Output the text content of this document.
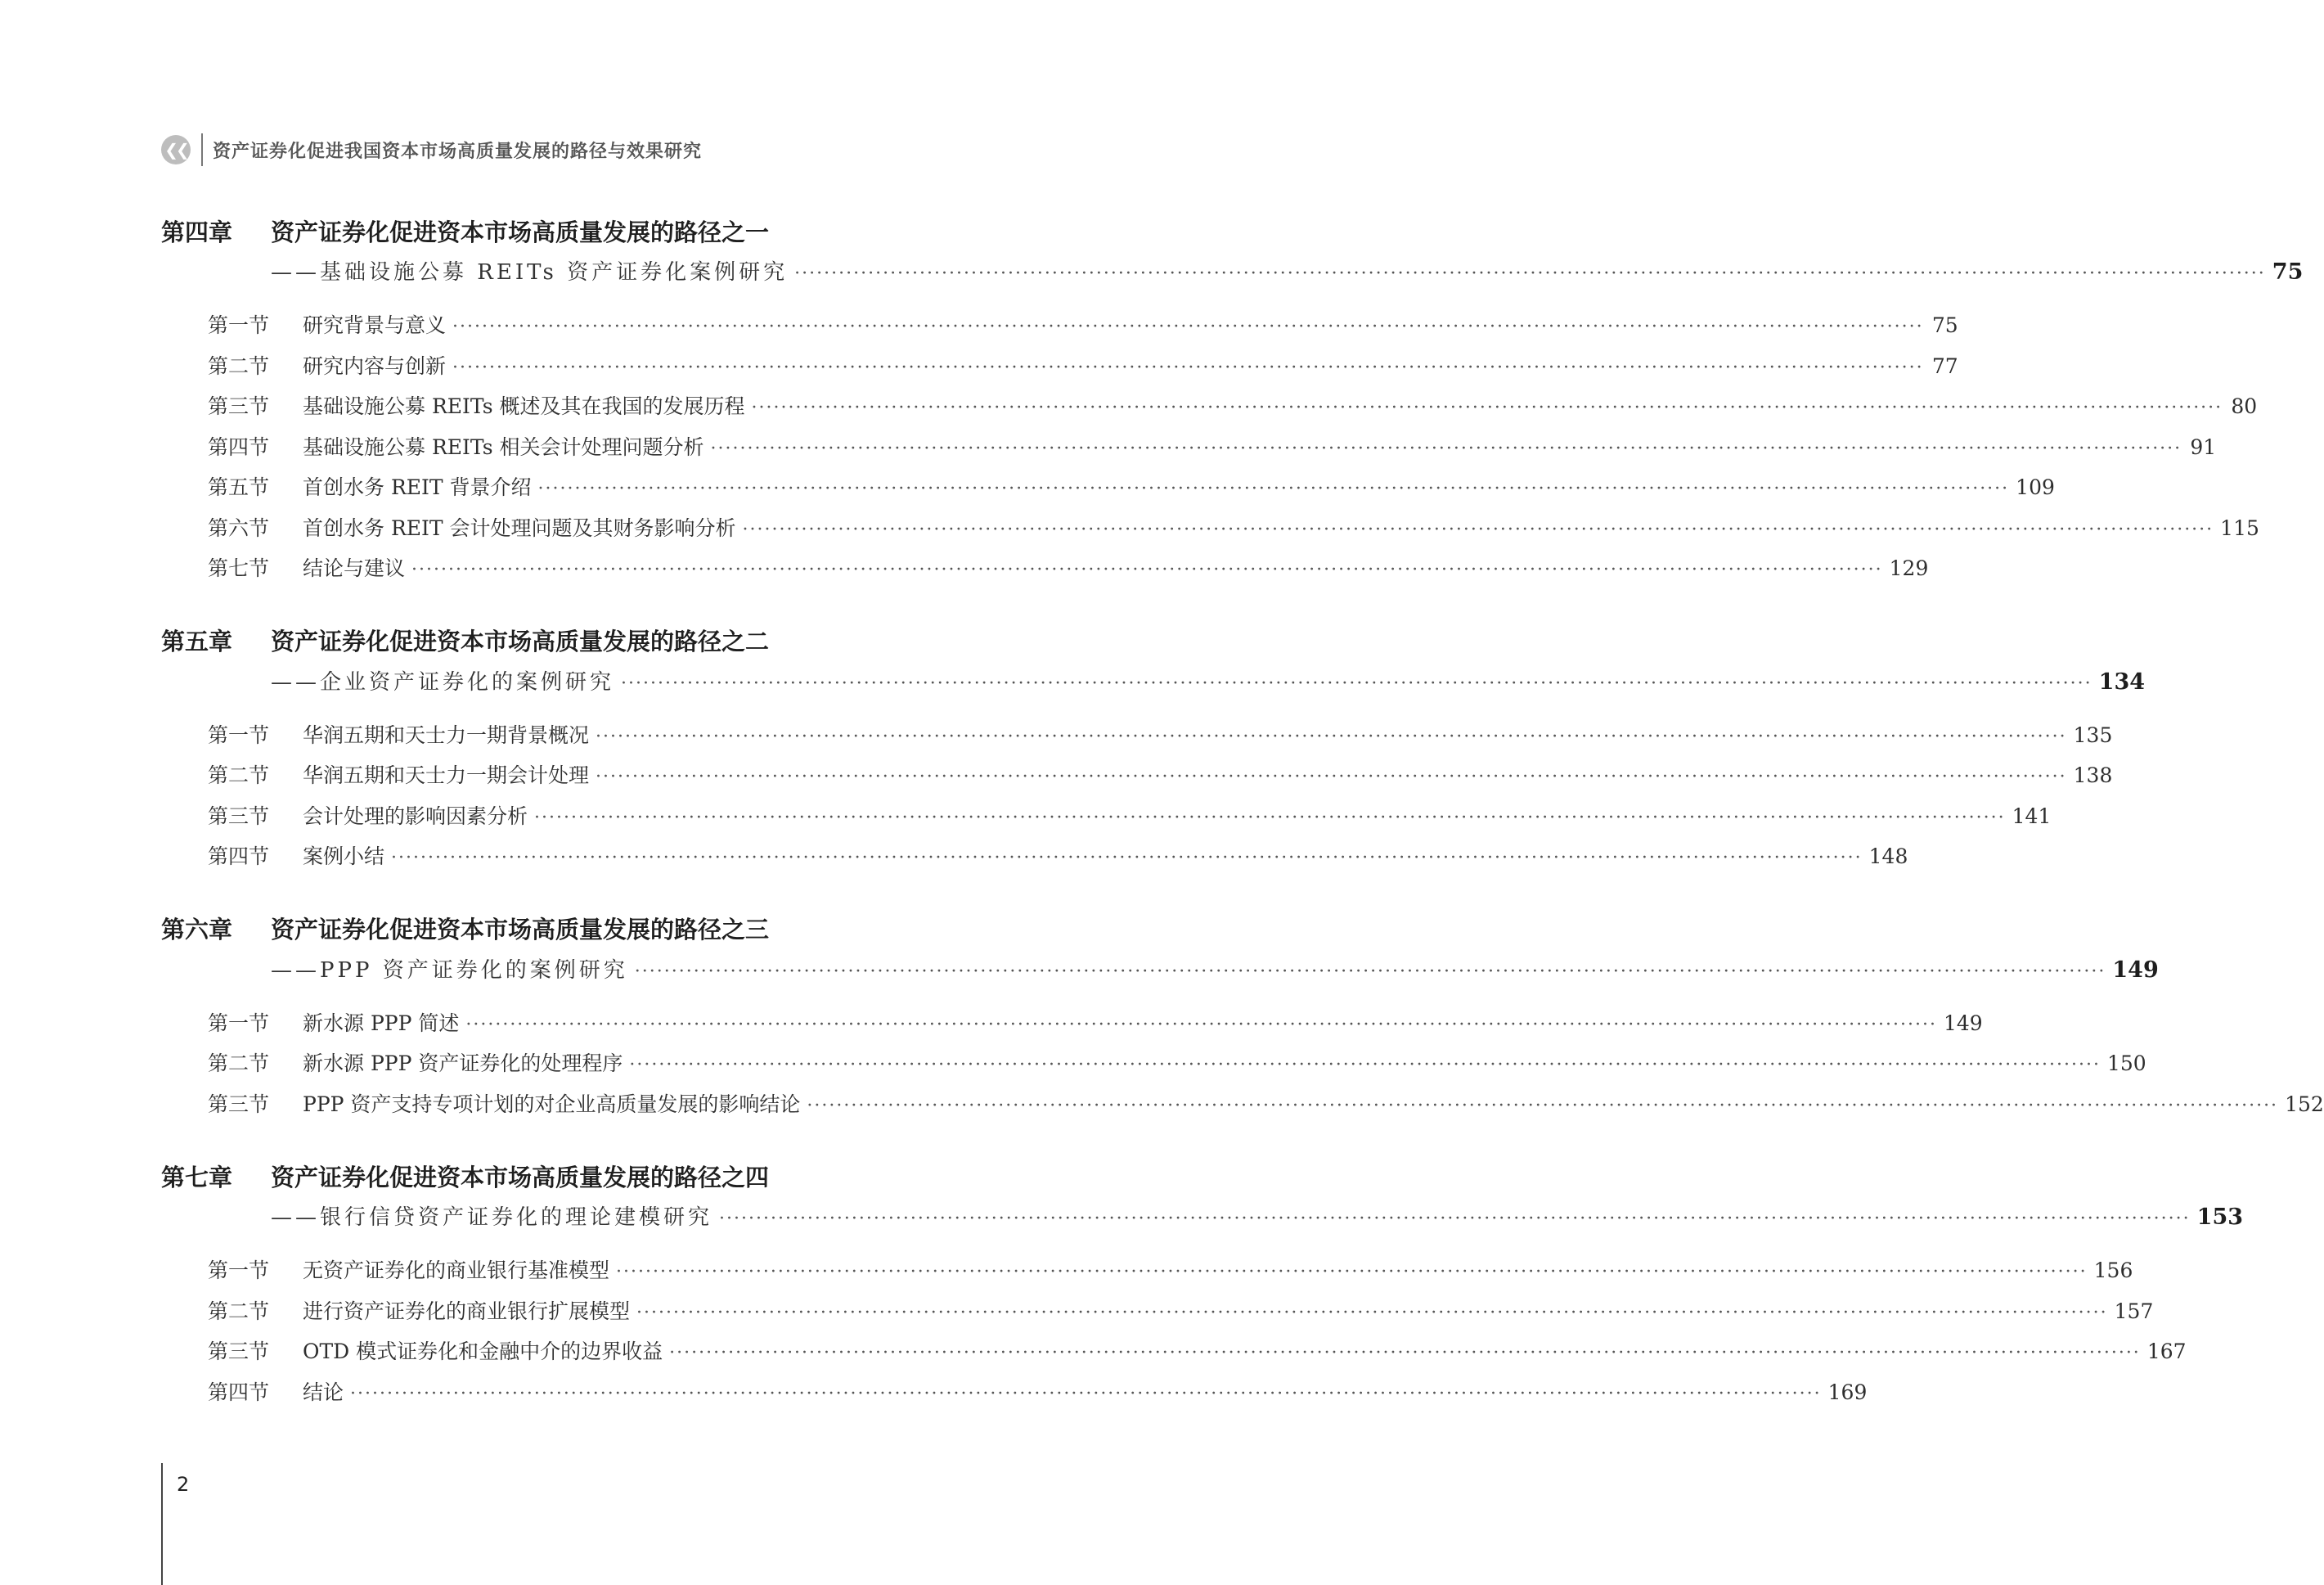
❮❮ 资产证券化促进我国资本市场高质量发展的路径与效果研究
第四章	资产证券化促进资本市场高质量发展的路径之一
——基础设施公募 REITs 资产证券化案例研究 ········································································································································································································ 75
第一节	研究背景与意义 ········································································································································································································ 75
第二节	研究内容与创新 ········································································································································································································ 77
第三节	基础设施公募 REITs 概述及其在我国的发展历程 ········································································································································································································ 80
第四节	基础设施公募 REITs 相关会计处理问题分析 ········································································································································································································ 91
第五节	首创水务 REIT 背景介绍 ········································································································································································································ 109
第六节	首创水务 REIT 会计处理问题及其财务影响分析 ········································································································································································································ 115
第七节	结论与建议 ········································································································································································································ 129
第五章	资产证券化促进资本市场高质量发展的路径之二
——企业资产证券化的案例研究 ········································································································································································································ 134
第一节	华润五期和天士力一期背景概况 ········································································································································································································ 135
第二节	华润五期和天士力一期会计处理 ········································································································································································································ 138
第三节	会计处理的影响因素分析 ········································································································································································································ 141
第四节	案例小结 ········································································································································································································ 148
第六章	资产证券化促进资本市场高质量发展的路径之三
——PPP 资产证券化的案例研究 ········································································································································································································ 149
第一节	新水源 PPP 简述 ········································································································································································································ 149
第二节	新水源 PPP 资产证券化的处理程序 ········································································································································································································ 150
第三节	PPP 资产支持专项计划的对企业高质量发展的影响结论 ········································································································································································································ 152
第七章	资产证券化促进资本市场高质量发展的路径之四
——银行信贷资产证券化的理论建模研究 ········································································································································································································ 153
第一节	无资产证券化的商业银行基准模型 ········································································································································································································ 156
第二节	进行资产证券化的商业银行扩展模型 ········································································································································································································ 157
第三节	OTD 模式证券化和金融中介的边界收益 ········································································································································································································ 167
第四节	结论 ········································································································································································································ 169
2
